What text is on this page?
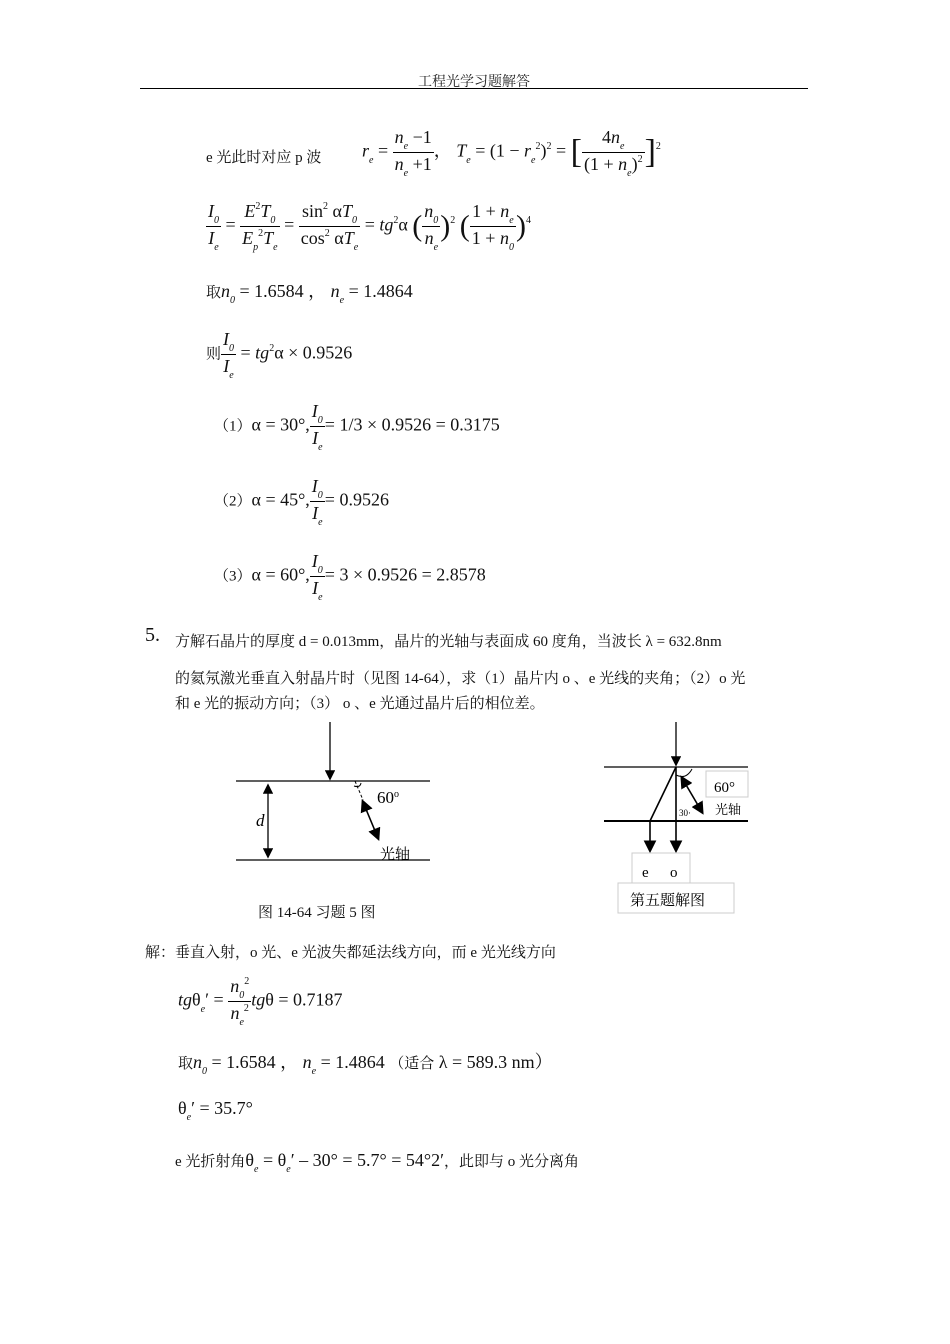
工程光学习题解答
e 光此时对应 p 波 $r_e = \frac{n_e -1}{n_e +1}$ ， $T_e = (1 - r_e^2)^2$ = [ $\frac{4n_e}{(1 + n_e)^2} ]^2$
$\frac{I_0}{I_e} = \frac{E^2T_0}{E_p^2T_e} = \frac{\sin^2 \alpha T_0}{\cos^2 \alpha T_e} = tg^2\alpha$ ( $\frac{n_0}{n_e} )^2$ ( $\frac{1 + n_e}{1 + n_0} )^4$
取$n_0 = 1.6584$ ， $n_e = 1.4864$
则 $\frac{I_0}{I_e} = tg^2\alpha \times 0.9526$
（1）α = 30°, $\frac{I_0}{I_e} = 1/3 \times 0.9526 = 0.3175$
（2）α = 45°, $\frac{I_0}{I_e} = 0.9526$
（3）α = 60°, $\frac{I_0}{I_e} = 3 \times 0.9526 = 2.8578$
5. 方解石晶片的厚度 d = 0.013mm，晶片的光轴与表面成 60 度角，当波长 λ = 632.8nm
的氦氖激光垂直入射晶片时（见图 14-64），求（1）晶片内 o 、e 光线的夹角；（2）o 光
和 e 光的振动方向；（3） o 、e 光通过晶片后的相位差。
d
60$^o$
光轴
图 14-64 习题 5 图
60°
30· 光轴
e o
第五题解图
解：垂直入射，o 光、e 光波失都延法线方向，而 e 光光线方向
$tg\theta_e' = \frac{n_0^2}{n_e^2}$ tgθ = 0.7187
取$n_0 = 1.6584$ ， $n_e = 1.4864$ （适合 λ = 589.3 nm）
$\theta_e' = 35.7^\circ$
e 光折射角$\theta_e = \theta_e' - 30^\circ = 5.7^\circ = 54^\circ 2'$，此即与 o 光分离角
